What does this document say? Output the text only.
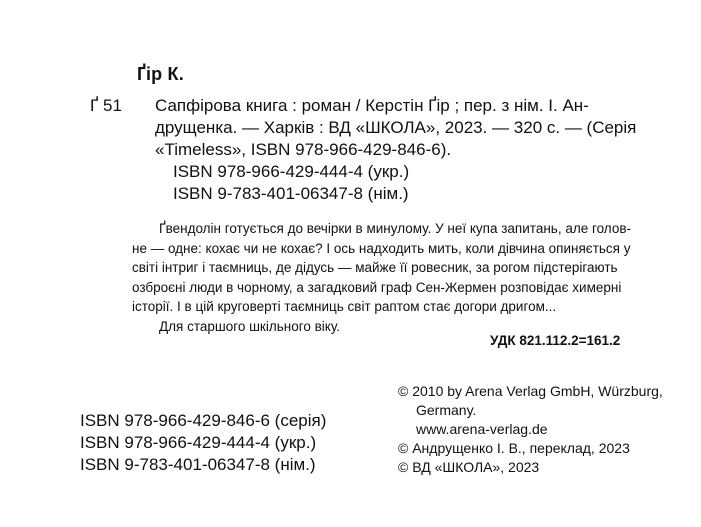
Ґір К.
Ґ 51 Сапфірова книга : роман / Керстін Ґір ; пер. з нім. І. Ан-
друщенка. — Харків : ВД «ШКОЛА», 2023. — 320 с. — (Серія
«Timeless», ISBN 978-966-429-846-6).
ISBN 978-966-429-444-4 (укр.)
ISBN 9-783-401-06347-8 (нім.)
Ґвендолін готується до вечірки в минулому. У неї купа запитань, але голов-
не — одне: кохає чи не кохає? І ось надходить мить, коли дівчина опиняється у
світі інтриг і таємниць, де дідусь — майже її ровесник, за рогом підстерігають
озброєні люди в чорному, а загадковий граф Сен-Жермен розповідає химерні
історії. І в цій круговерті таємниць світ раптом стає догори дригом...
Для старшого шкільного віку.
УДК 821.112.2=161.2
© 2010 by Arena Verlag GmbH, Würzburg,
Germany.
www.arena-verlag.de
© Андрущенко І. В., переклад, 2023
© ВД «ШКОЛА», 2023
ISBN 978-966-429-846-6 (серія)
ISBN 978-966-429-444-4 (укр.)
ISBN 9-783-401-06347-8 (нім.)
